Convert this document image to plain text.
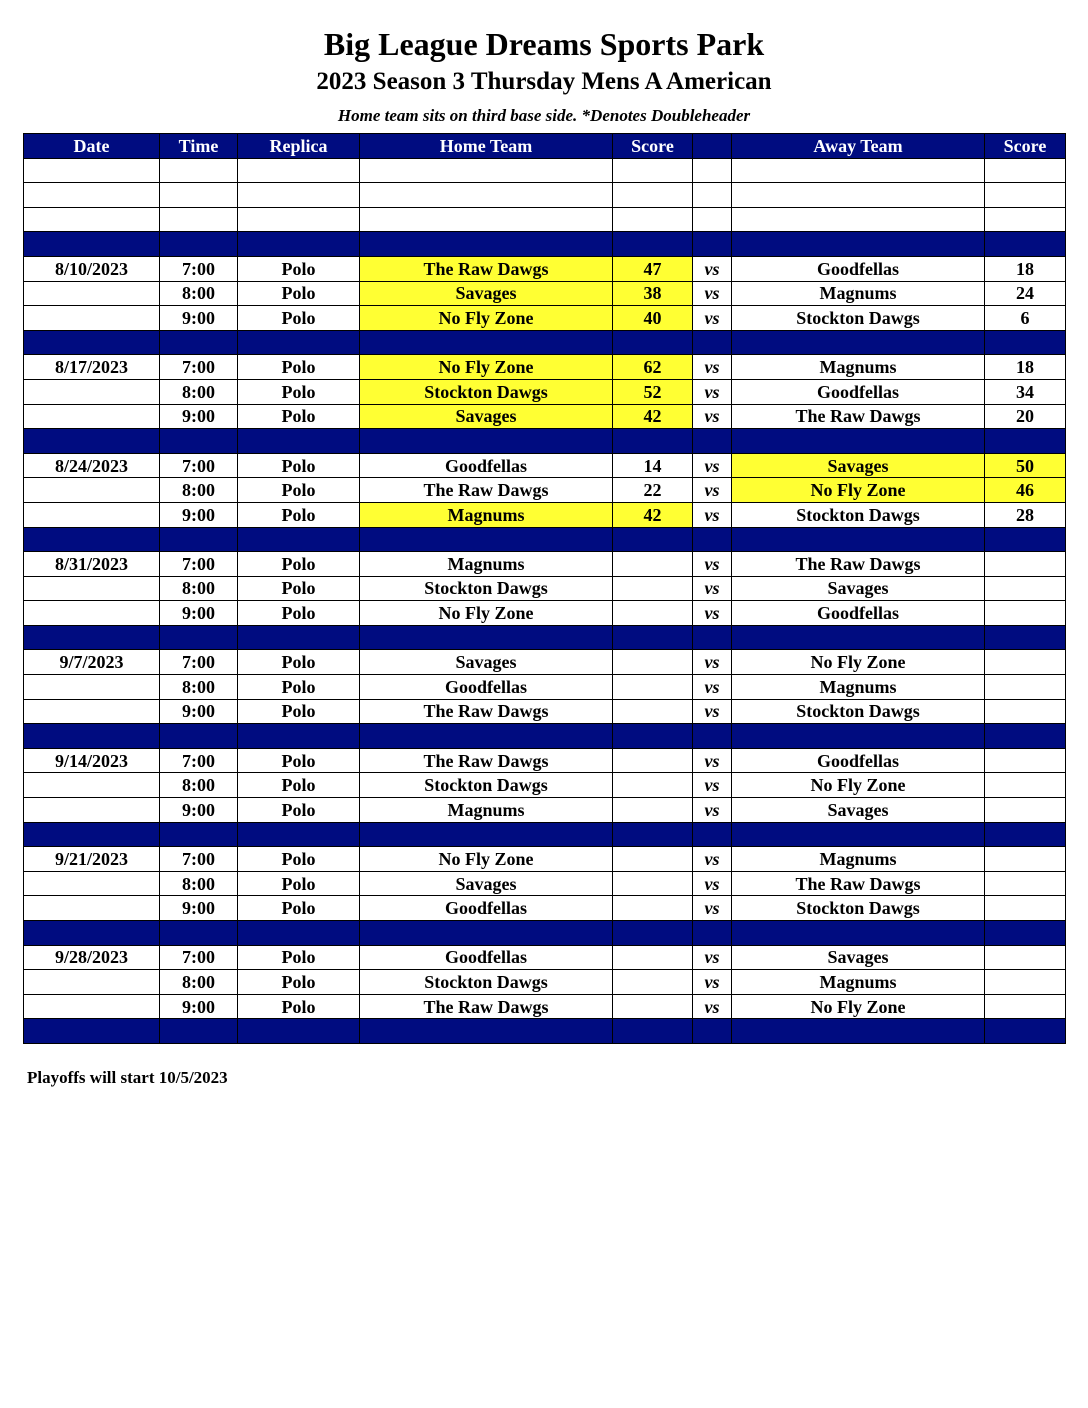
Big League Dreams Sports Park
2023 Season 3 Thursday Mens A American
Home team sits on third base side. *Denotes Doubleheader
Date	Time	Replica	Home Team	Score		Away Team	Score

8/10/2023	7:00	Polo	The Raw Dawgs	47	vs	Goodfellas	18
	8:00	Polo	Savages	38	vs	Magnums	24
	9:00	Polo	No Fly Zone	40	vs	Stockton Dawgs	6

8/17/2023	7:00	Polo	No Fly Zone	62	vs	Magnums	18
	8:00	Polo	Stockton Dawgs	52	vs	Goodfellas	34
	9:00	Polo	Savages	42	vs	The Raw Dawgs	20

8/24/2023	7:00	Polo	Goodfellas	14	vs	Savages	50
	8:00	Polo	The Raw Dawgs	22	vs	No Fly Zone	46
	9:00	Polo	Magnums	42	vs	Stockton Dawgs	28

8/31/2023	7:00	Polo	Magnums		vs	The Raw Dawgs	
	8:00	Polo	Stockton Dawgs		vs	Savages	
	9:00	Polo	No Fly Zone		vs	Goodfellas	

9/7/2023	7:00	Polo	Savages		vs	No Fly Zone	
	8:00	Polo	Goodfellas		vs	Magnums	
	9:00	Polo	The Raw Dawgs		vs	Stockton Dawgs	

9/14/2023	7:00	Polo	The Raw Dawgs		vs	Goodfellas	
	8:00	Polo	Stockton Dawgs		vs	No Fly Zone	
	9:00	Polo	Magnums		vs	Savages	

9/21/2023	7:00	Polo	No Fly Zone		vs	Magnums	
	8:00	Polo	Savages		vs	The Raw Dawgs	
	9:00	Polo	Goodfellas		vs	Stockton Dawgs	

9/28/2023	7:00	Polo	Goodfellas		vs	Savages	
	8:00	Polo	Stockton Dawgs		vs	Magnums	
	9:00	Polo	The Raw Dawgs		vs	No Fly Zone	

Playoffs will start 10/5/2023
